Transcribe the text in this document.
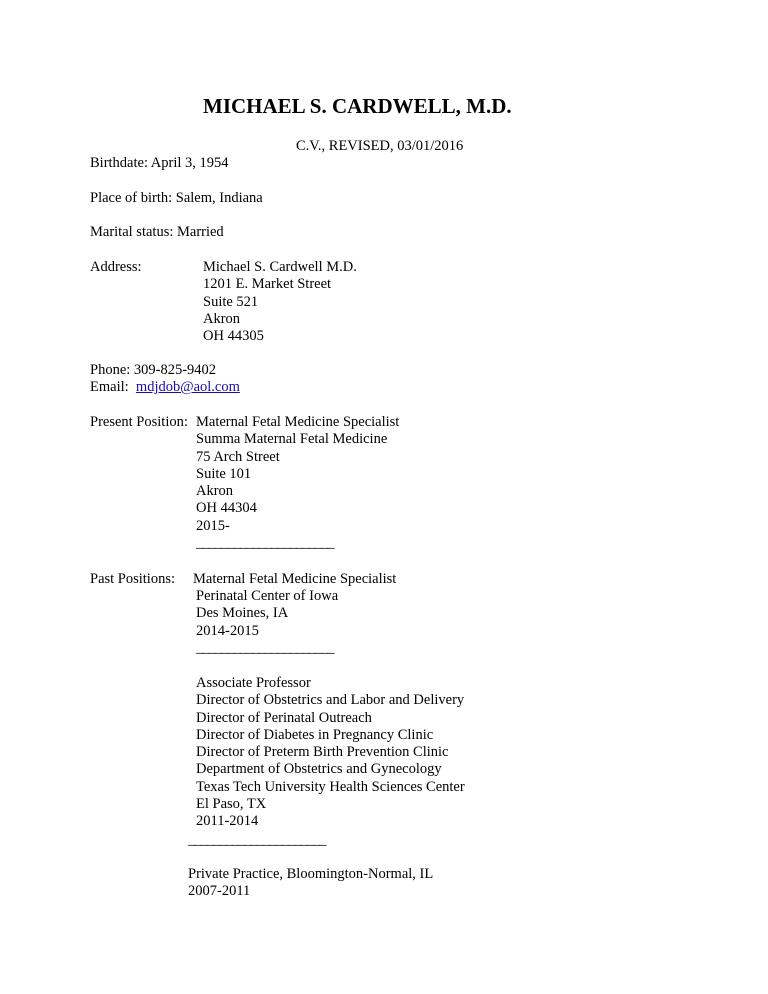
MICHAEL S. CARDWELL, M.D.
C.V., REVISED, 03/01/2016
Birthdate: April 3, 1954
Place of birth: Salem, Indiana
Marital status: Married
Address:	Michael S. Cardwell M.D.
1201 E. Market Street
Suite 521
Akron
OH 44305
Phone: 309-825-9402
Email: mdjdob@aol.com
Present Position: Maternal Fetal Medicine Specialist
Summa Maternal Fetal Medicine
75 Arch Street
Suite 101
Akron
OH 44304
2015-
______________________
Past Positions: Maternal Fetal Medicine Specialist
Perinatal Center of Iowa
Des Moines, IA
2014-2015
______________________
Associate Professor
Director of Obstetrics and Labor and Delivery
Director of Perinatal Outreach
Director of Diabetes in Pregnancy Clinic
Director of Preterm Birth Prevention Clinic
Department of Obstetrics and Gynecology
Texas Tech University Health Sciences Center
El Paso, TX
2011-2014
______________________
Private Practice, Bloomington-Normal, IL
2007-2011
